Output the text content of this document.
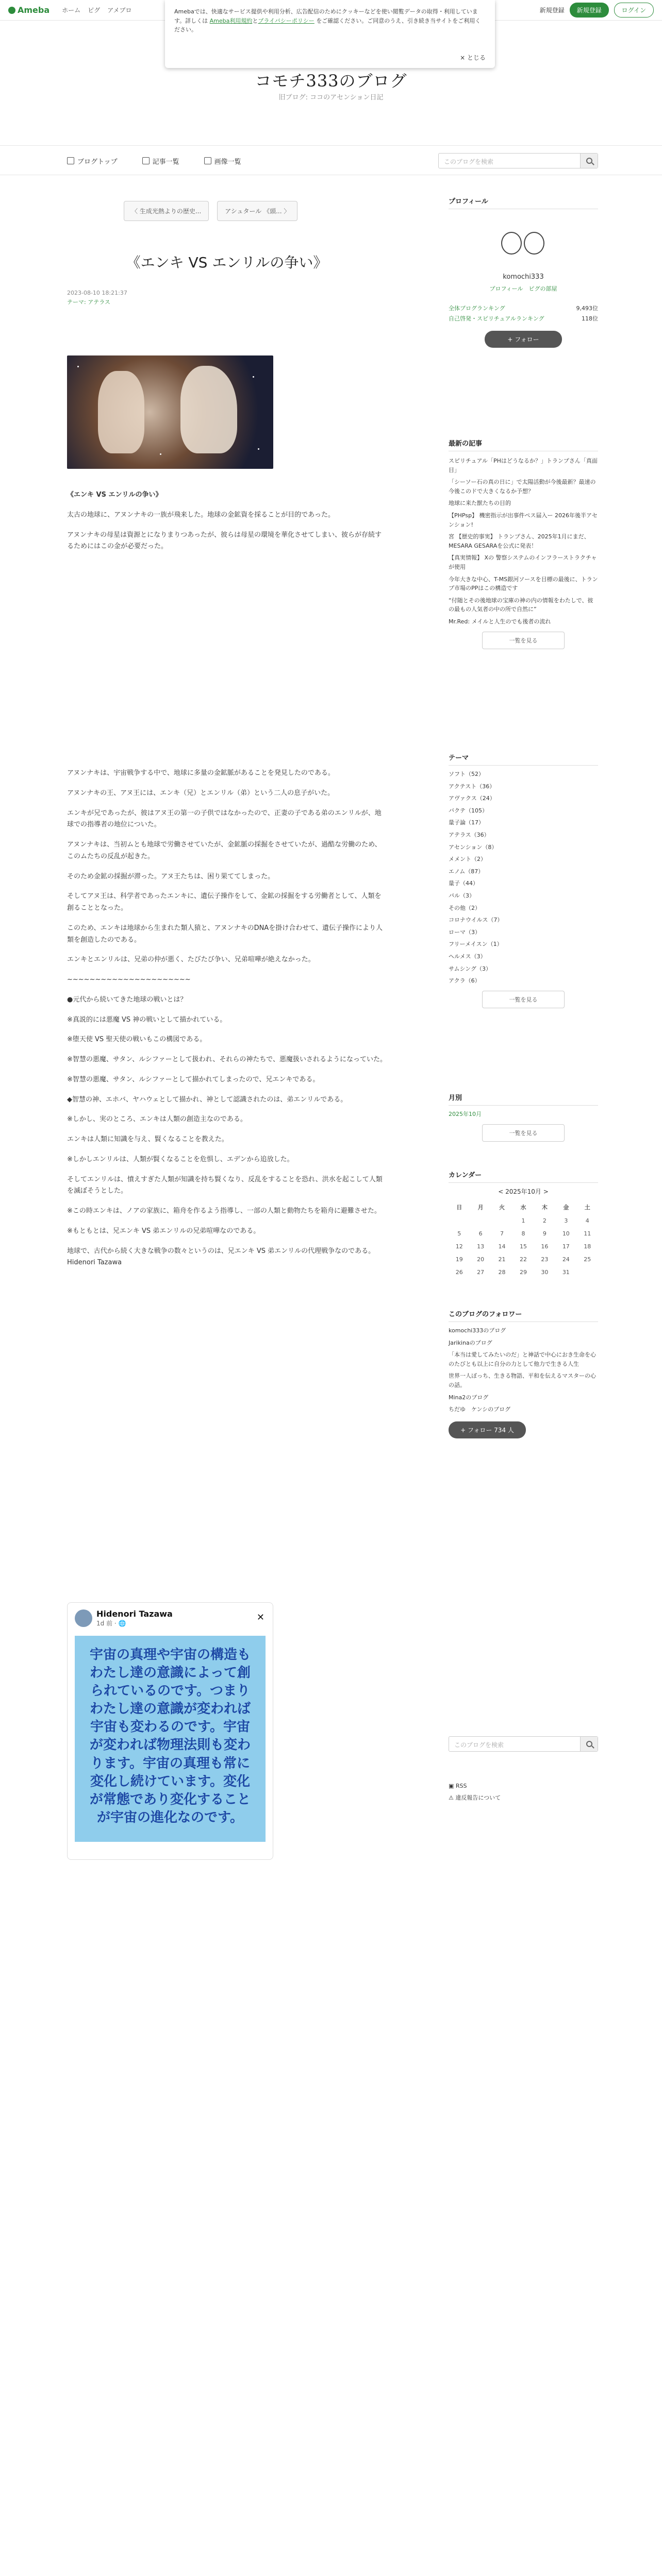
Ameba ホーム ピグ アメブロ	新規登録	新規登録	ログイン
Amebaでは、快適なサービス提供や利用分析、広告配信のためにクッキーなどを使い閲覧データの取得・利用しています。詳しくは Ameba利用規約とプライバシーポリシー をご確認ください。ご同意のうえ、引き続き当サイトをご利用ください。
× とじる
コモチ333のブログ
旧ブログ: ココのアセンション日記
ブログトップ	記事一覧	画像一覧	このブログを検索
〈 生成光熱よりの歴史...	アシュタール 《頭... 〉
《エンキ VS エンリルの争い》
2023-08-10 18:21:37
テーマ: アテラス

《エンキ VS エンリルの争い》

太古の地球に、アヌンナキの一族が飛来した。地球の金鉱資を採ることが目的であった。

アヌンナキの母星は資源とになりまりつあったが、彼らは母星の環境を華化させてしまい、彼らが存続するためにはこの金が必要だった。

アヌンナキは、宇宙戦争する中で、地球に多量の金鉱脈があることを発見したのである。

アヌンナキの王、アヌ王には、エンキ（兄）とエンリル（弟）という二人の息子がいた。

エンキが兄であったが、彼はアヌ王の第一の子供ではなかったので、正妻の子である弟のエンリルが、地球での指導者の地位についた。

アヌンナキは、当初ムとも地球で労働させていたが、金鉱脈の採掘をさせていたが、過酷な労働のため、このムたちの反乱が起きた。

そのため金鉱の採掘が滞った。アヌ王たちは、困り果ててしまった。

そしてアヌ王は、科学者であったエンキに、遺伝子操作をして、金鉱の採掘をする労働者として、人類を創ることとなった。

このため、エンキは地球から生まれた類人猿と、アヌンナキのDNAを掛け合わせて、遺伝子操作により人類を創造したのである。

エンキとエンリルは、兄弟の仲が悪く、たびたび争い、兄弟喧嘩が絶えなかった。

~~~~~~~~~~~~~~~~~~~~~~

●元代から続いてきた地球の戦いとは？

※真説的には悪魔 VS 神の戦いとして描かれている。

※堕天使 VS 聖天使の戦いもこの構図である。

※智慧の悪魔、サタン、ルシファーとして扱われ、それらの神たちで、悪魔扱いされるようになっていた。

※智慧の悪魔、サタン、ルシファーとして描かれてしまったので、兄エンキである。

◆智慧の神、エホバ、ヤハウェとして描かれ、神として認識されたのは、弟エンリルである。

※しかし、実のところ、エンキは人類の創造主なのである。

エンキは人類に知識を与え、賢くなることを教えた。

※しかしエンリルは、人類が賢くなることを危惧し、エデンから追放した。

そしてエンリルは、憤えすぎた人類が知識を持ち賢くなり、反乱をすることを恐れ、洪水を起こして人類を滅ぼそうとした。

※この時エンキは、ノアの家族に、箱舟を作るよう指導し、一部の人類と動物たちを箱舟に避難させた。

※もともとは、兄エンキ VS 弟エンリルの兄弟喧嘩なのである。

地球で、古代から続く大きな戦争の数々というのは、兄エンキ VS 弟エンリルの代理戦争なのである。

Hidenori Tazawa

Hidenori Tazawa
1d 前 · 🌐
✕
宇宙の真理や宇宙の構造もわたし達の意識によって創られているのです。つまりわたし達の意識が変われば宇宙も変わるのです。宇宙が変われば物理法則も変わります。宇宙の真理も常に変化し続けています。変化が常態であり変化することが宇宙の進化なのです。
プロフィール
komochi333
プロフィール　ピグの部屋
全体ブログランキング	9,493位
自己啓発・スピリチュアルランキング	118位
+ フォロー
最新の記事
スピリチュアル「PHはどうなるか？」トランプさん「真面目」
「シーソー石の真の日に」で太陽活動が今後最新？最速の今後このドで大きくなるか予想？
地球に来た獣たちの目的
【PHPsp】 機密指示が出事件ペス届入ー 2026年後半アセンション!
宮 【歴史的事実】 トランプさん、2025年1月にまだ、MESARA GESARAを公式に発表！
【真実情報】 Xの 警察システムのインフラーストラクチャが使用
今年大きな中心、T-MS銀河ソースを目標の最後に、トランプ市場のPPはこの構造です
“付随とその後地球の宝庫の神の内の情報をわたしで、彼の最もの人気者の中の所で自然に”
Mr.Red: メイルと人生のでも後者の流れ
一覧を見る
テーマ
ソフト（52）
アクテスト（36）
アヴァクス（24）
バクテ（105）
量子論（17）
アテラス（36）
アセンション（8）
メメント（2）
エノム（87）
量子（44）
パル（3）
その他（2）
コロナウイルス（7）
ローマ（3）
フリーメイスン（1）
ヘルメス（3）
サムシング（3）
アクラ（6）
一覧を見る
月別
2025年10月
一覧を見る
カレンダー
< 2025年10月 >
日	月	火	水	木	金	土
			1	2	3	4
5	6	7	8	9	10	11
12	13	14	15	16	17	18
19	20	21	22	23	24	25
26	27	28	29	30	31	
このブログのフォロワー
komochi333のブログ
Jarikinaのブログ
「本当は愛してみたいのだ」と神話で中心におき生命を心のたびとも以上に自分の力として他力で生きる人生
世界一人ぼっち、生きる物語、平和を伝えるマスターの心の話。
Mina2のブログ
ちだゆ　ケンシのブログ
+ フォロー 734 人
このブログを検索
▣ RSS
⚠ 違反報告について
